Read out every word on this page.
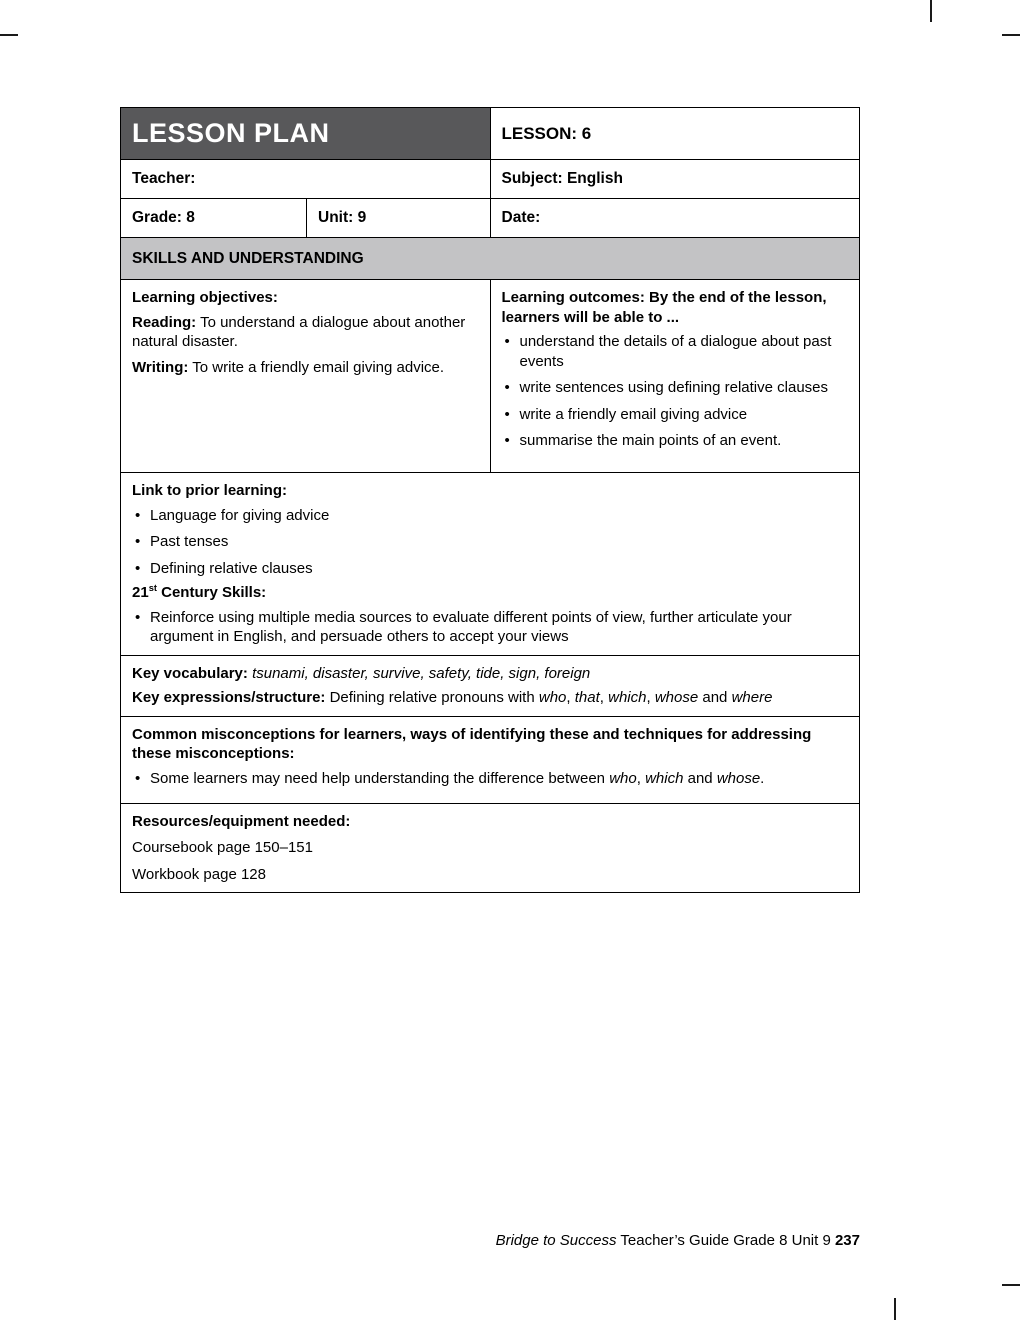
LESSON PLAN	LESSON: 6
Teacher:	Subject: English
Grade: 8	Unit: 9	Date:
SKILLS AND UNDERSTANDING

Learning objectives:

Reading: To understand a dialogue about another natural disaster.

Writing: To write a friendly email giving advice.

Learning outcomes: By the end of the lesson, learners will be able to ...

• understand the details of a dialogue about past events
• write sentences using defining relative clauses
• write a friendly email giving advice
• summarise the main points of an event.

Link to prior learning:

• Language for giving advice
• Past tenses
• Defining relative clauses

21st Century Skills:

• Reinforce using multiple media sources to evaluate different points of view, further articulate your argument in English, and persuade others to accept your views

Key vocabulary: tsunami, disaster, survive, safety, tide, sign, foreign

Key expressions/structure: Defining relative pronouns with who, that, which, whose and where

Common misconceptions for learners, ways of identifying these and techniques for addressing these misconceptions:

• Some learners may need help understanding the difference between who, which and whose.

Resources/equipment needed:

Coursebook page 150–151

Workbook page 128

Bridge to Success Teacher’s Guide Grade 8 Unit 9 237
